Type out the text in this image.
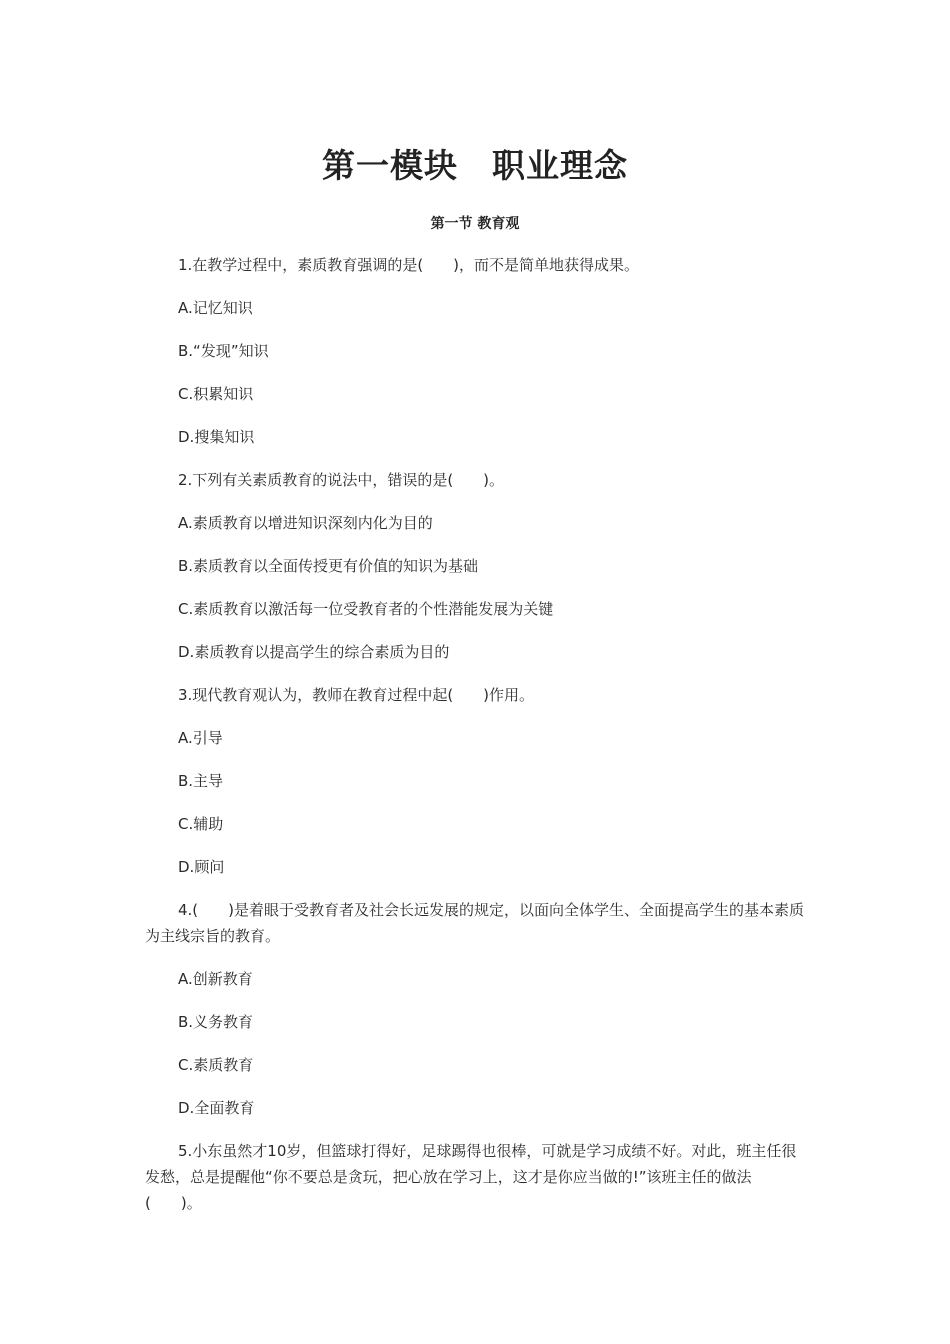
第一模块　职业理念
第一节 教育观

1.在教学过程中，素质教育强调的是(　　)，而不是简单地获得成果。

A.记忆知识

B.“发现”知识

C.积累知识

D.搜集知识

2.下列有关素质教育的说法中，错误的是(　　)。

A.素质教育以增进知识深刻内化为目的

B.素质教育以全面传授更有价值的知识为基础

C.素质教育以激活每一位受教育者的个性潜能发展为关键

D.素质教育以提高学生的综合素质为目的

3.现代教育观认为，教师在教育过程中起(　　)作用。

A.引导

B.主导

C.辅助

D.顾问

4.(　　)是着眼于受教育者及社会长远发展的规定，以面向全体学生、全面提高学生的基本素质为主线宗旨的教育。

A.创新教育

B.义务教育

C.素质教育

D.全面教育

5.小东虽然才10岁，但篮球打得好，足球踢得也很棒，可就是学习成绩不好。对此，班主任很发愁，总是提醒他“你不要总是贪玩，把心放在学习上，这才是你应当做的!”该班主任的做法(　　)。
